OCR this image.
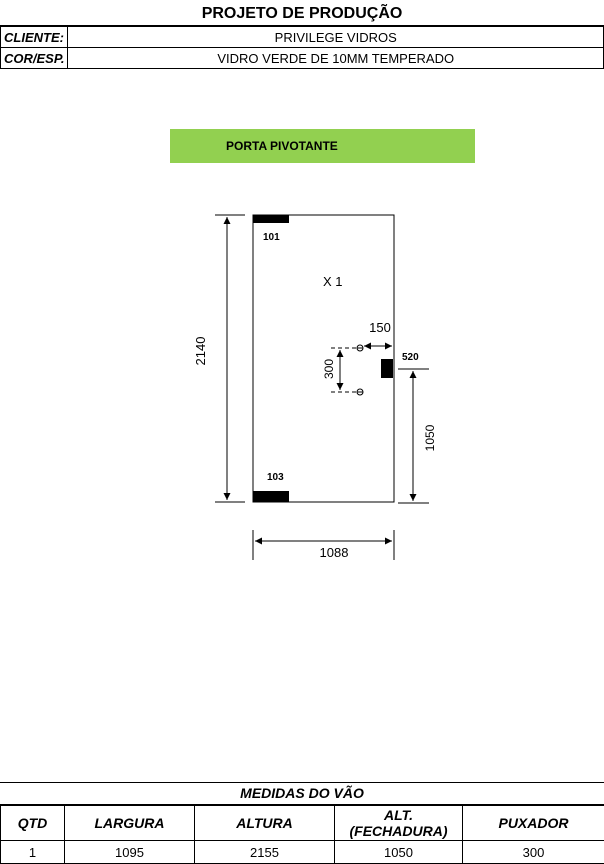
PROJETO DE PRODUÇÃO
CLIENTE:	PRIVILEGE VIDROS
COR/ESP.	VIDRO VERDE DE 10MM TEMPERADO
PORTA PIVOTANTE
101
103
X 1
2140
1088
300
150
520
1050
MEDIDAS DO VÃO
QTD	LARGURA	ALTURA	ALT. (FECHADURA)	PUXADOR
1	1095	2155	1050	300
